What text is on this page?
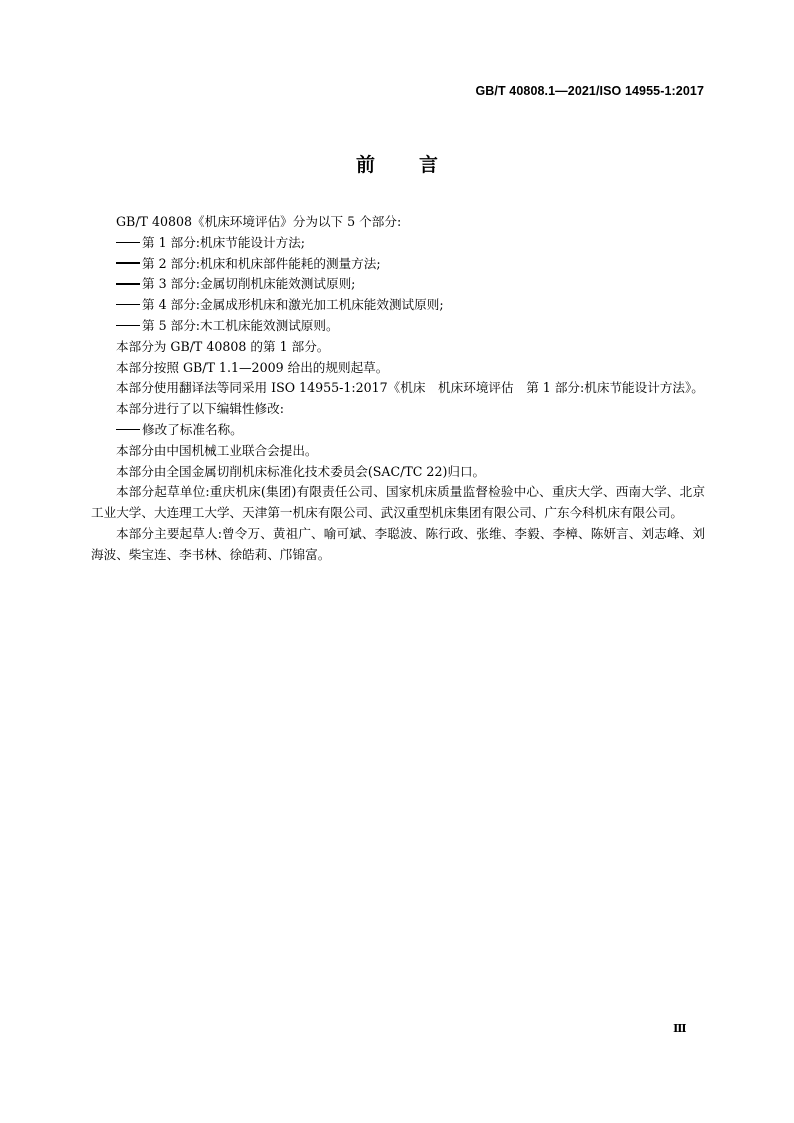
GB/T 40808.1—2021/ISO 14955-1:2017
前言
GB/T 40808《机床环境评估》分为以下 5 个部分:
第 1 部分:机床节能设计方法;
第 2 部分:机床和机床部件能耗的测量方法;
第 3 部分:金属切削机床能效测试原则;
第 4 部分:金属成形机床和激光加工机床能效测试原则;
第 5 部分:木工机床能效测试原则。
本部分为 GB/T 40808 的第 1 部分。
本部分按照 GB/T 1.1—2009 给出的规则起草。
本部分使用翻译法等同采用 ISO 14955-1:2017《机床　机床环境评估　第 1 部分:机床节能设计方法》。
本部分进行了以下编辑性修改:
修改了标准名称。
本部分由中国机械工业联合会提出。
本部分由全国金属切削机床标准化技术委员会(SAC/TC 22)归口。
本部分起草单位:重庆机床(集团)有限责任公司、国家机床质量监督检验中心、重庆大学、西南大学、北京工业大学、大连理工大学、天津第一机床有限公司、武汉重型机床集团有限公司、广东今科机床有限公司。
本部分主要起草人:曾令万、黄祖广、喻可斌、李聪波、陈行政、张维、李毅、李樟、陈妍言、刘志峰、刘海波、柴宝连、李书林、徐皓莉、邝锦富。
Ⅲ
